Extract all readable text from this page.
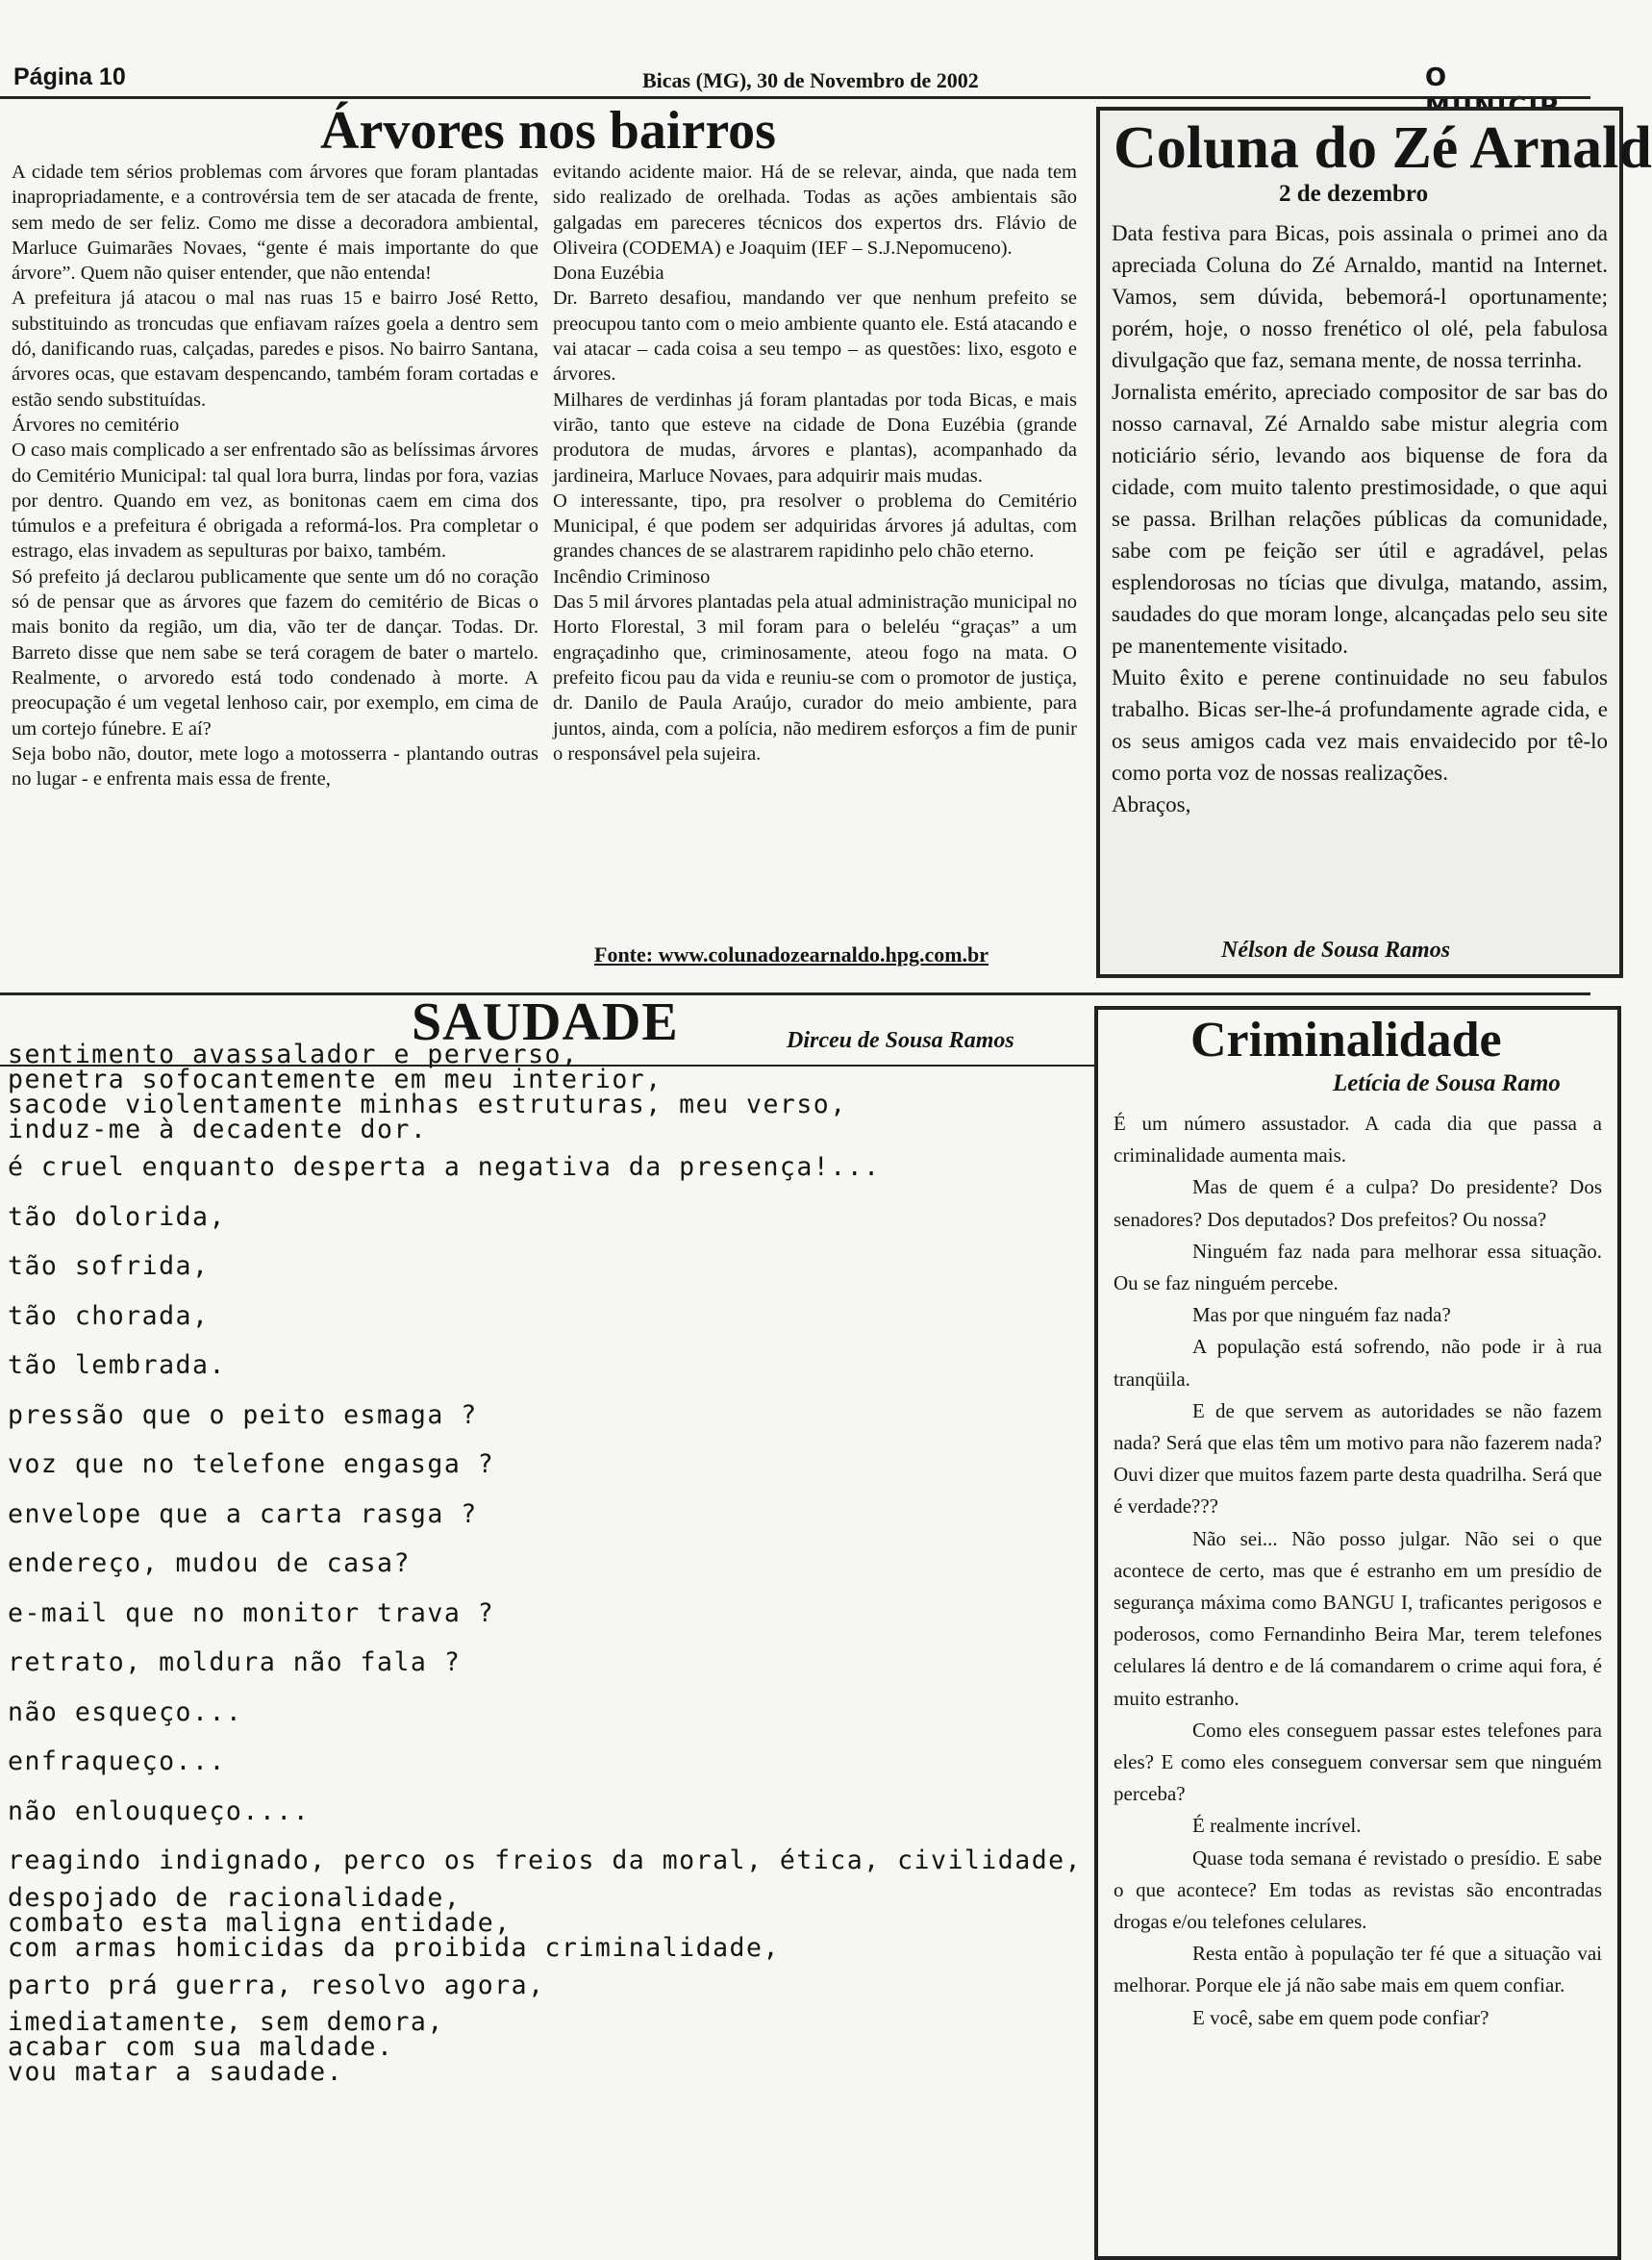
Página 10	Bicas (MG), 30 de Novembro de 2002	O
Árvores nos bairros

A cidade tem sérios problemas com árvores que foram plantadas inapropriadamente, e a controvérsia tem de ser atacada de frente, sem medo de ser feliz. Como me disse a decoradora ambiental, Marluce Guimarães Novaes, “gente é mais importante do que árvore”. Quem não quiser entender, que não entenda!

A prefeitura já atacou o mal nas ruas 15 e bairro José Retto, substituindo as troncudas que enfiavam raízes goela a dentro sem dó, danificando ruas, calçadas, paredes e pisos. No bairro Santana, árvores ocas, que estavam despencando, também foram cortadas e estão sendo substituídas.

Árvores no cemitério

O caso mais complicado a ser enfrentado são as belíssimas árvores do Cemitério Municipal: tal qual lora burra, lindas por fora, vazias por dentro. Quando em vez, as bonitonas caem em cima dos túmulos e a prefeitura é obrigada a reformá-los. Pra completar o estrago, elas invadem as sepulturas por baixo, também.

Só prefeito já declarou publicamente que sente um dó no coração só de pensar que as árvores que fazem do cemitério de Bicas o mais bonito da região, um dia, vão ter de dançar. Todas. Dr. Barreto disse que nem sabe se terá coragem de bater o martelo. Realmente, o arvoredo está todo condenado à morte. A preocupação é um vegetal lenhoso cair, por exemplo, em cima de um cortejo fúnebre. E aí?

Seja bobo não, doutor, mete logo a motosserra - plantando outras no lugar - e enfrenta mais essa de frente,

evitando acidente maior. Há de se relevar, ainda, que nada tem sido realizado de orelhada. Todas as ações ambientais são galgadas em pareceres técnicos dos expertos drs. Flávio de Oliveira (CODEMA) e Joaquim (IEF – S.J.Nepomuceno).

Dona Euzébia

Dr. Barreto desafiou, mandando ver que nenhum prefeito se preocupou tanto com o meio ambiente quanto ele. Está atacando e vai atacar – cada coisa a seu tempo – as questões: lixo, esgoto e árvores.

Milhares de verdinhas já foram plantadas por toda Bicas, e mais virão, tanto que esteve na cidade de Dona Euzébia (grande produtora de mudas, árvores e plantas), acompanhado da jardineira, Marluce Novaes, para adquirir mais mudas.

O interessante, tipo, pra resolver o problema do Cemitério Municipal, é que podem ser adquiridas árvores já adultas, com grandes chances de se alastrarem rapidinho pelo chão eterno.

Incêndio Criminoso

Das 5 mil árvores plantadas pela atual administração municipal no Horto Florestal, 3 mil foram para o beleléu “graças” a um engraçadinho que, criminosamente, ateou fogo na mata. O prefeito ficou pau da vida e reuniu-se com o promotor de justiça, dr. Danilo de Paula Araújo, curador do meio ambiente, para juntos, ainda, com a polícia, não medirem esforços a fim de punir o responsável pela sujeira.

Fonte: www.colunadozearnaldo.hpg.com.br
Coluna do Zé Arnald
2 de dezembro

Data festiva para Bicas, pois assinala o primei ano da apreciada Coluna do Zé Arnaldo, mantid na Internet. Vamos, sem dúvida, bebemorá-l oportunamente; porém, hoje, o nosso frenético ol olé, pela fabulosa divulgação que faz, semana mente, de nossa terrinha.

Jornalista emérito, apreciado compositor de sar bas do nosso carnaval, Zé Arnaldo sabe mistur alegria com noticiário sério, levando aos biquense de fora da cidade, com muito talento prestimosidade, o que aqui se passa. Brilhan relações públicas da comunidade, sabe com pe feição ser útil e agradável, pelas esplendorosas no tícias que divulga, matando, assim, saudades do que moram longe, alcançadas pelo seu site pe manentemente visitado.

Muito êxito e perene continuidade no seu fabulos trabalho. Bicas ser-lhe-á profundamente agrade cida, e os seus amigos cada vez mais envaidecido por tê-lo como porta voz de nossas realizações.

Abraços,

Nélson de Sousa Ramos
SAUDADE	Dirceu de Sousa Ramos
sentimento avassalador e perverso,
penetra sofocantemente em meu interior,
sacode violentamente minhas estruturas, meu verso,
induz-me à decadente dor.
é cruel enquanto desperta a negativa da presença!...
tão dolorida,
tão sofrida,
tão chorada,
tão lembrada.
pressão que o peito esmaga ?
voz que no telefone engasga ?
envelope que a carta rasga ?
endereço, mudou de casa?
e-mail que no monitor trava ?
retrato, moldura não fala ?
não esqueço...
enfraqueço...
não enlouqueço....
reagindo indignado, perco os freios da moral, ética, civilidade,
despojado de racionalidade,
combato esta maligna entidade,
com armas homicidas da proibida criminalidade,
parto prá guerra, resolvo agora,
imediatamente, sem demora,
acabar com sua maldade.
vou matar a saudade.
Criminalidade
Letícia de Sousa Ramo

É um número assustador. A cada dia que passa a criminalidade aumenta mais.

Mas de quem é a culpa? Do presidente? Dos senadores? Dos deputados? Dos prefeitos? Ou nossa?

Ninguém faz nada para melhorar essa situação. Ou se faz ninguém percebe.

Mas por que ninguém faz nada?

A população está sofrendo, não pode ir à rua tranqüila.

E de que servem as autoridades se não fazem nada? Será que elas têm um motivo para não fazerem nada? Ouvi dizer que muitos fazem parte desta quadrilha. Será que é verdade???

Não sei... Não posso julgar. Não sei o que acontece de certo, mas que é estranho em um presídio de segurança máxima como BANGU I, traficantes perigosos e poderosos, como Fernandinho Beira Mar, terem telefones celulares lá dentro e de lá comandarem o crime aqui fora, é muito estranho.

Como eles conseguem passar estes telefones para eles? E como eles conseguem conversar sem que ninguém perceba?

É realmente incrível.

Quase toda semana é revistado o presídio. E sabe o que acontece? Em todas as revistas são encontradas drogas e/ou telefones celulares.

Resta então à população ter fé que a situação vai melhorar. Porque ele já não sabe mais em quem confiar.

E você, sabe em quem pode confiar?
